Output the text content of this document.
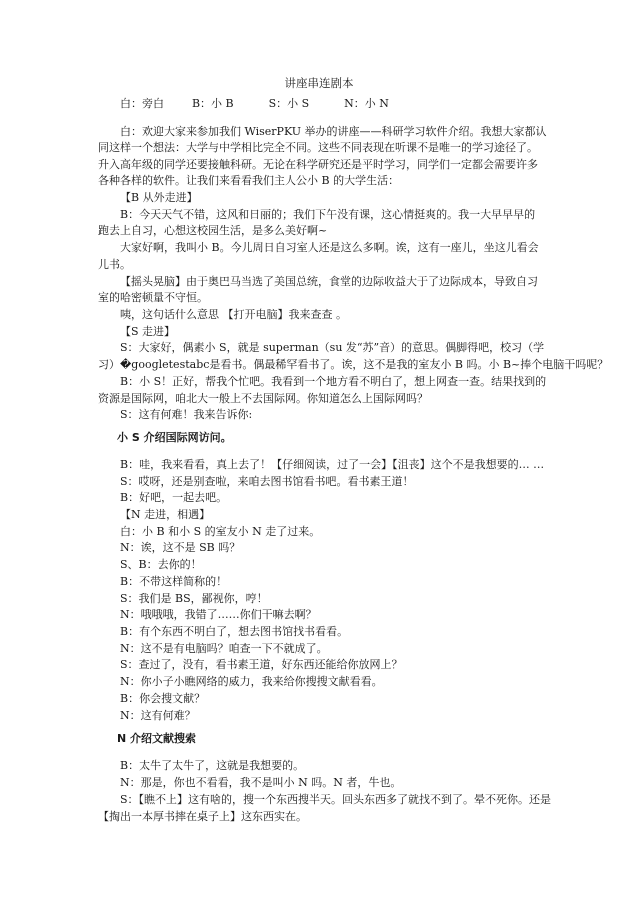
讲座串连剧本
白：旁白        B：小 B          S：小 S          N：小 N
白：欢迎大家来参加我们 WiserPKU 举办的讲座——科研学习软件介绍。我想大家都认
同这样一个想法：大学与中学相比完全不同。这些不同表现在听课不是唯一的学习途径了。
升入高年级的同学还要接触科研。无论在科学研究还是平时学习，同学们一定都会需要许多
各种各样的软件。让我们来看看我们主人公小 B 的大学生活：
【B 从外走进】
B：今天天气不错，这风和日丽的；我们下午没有课，这心情挺爽的。我一大早早早的
跑去上自习，心想这校园生活，是多么美好啊~
大家好啊，我叫小 B。今儿周日自习室人还是这么多啊。诶，这有一座儿，坐这儿看会
儿书。
【摇头晃脑】由于奥巴马当选了美国总统，食堂的边际收益大于了边际成本，导致自习
室的哈密顿量不守恒。
咦，这句话什么意思 【打开电脑】我来查查 。
【S 走进】
S：大家好，偶素小 S，就是 superman（su 发“苏”音）的意思。偶脚得吧，校习（学
习）�googletestabc是看书。偶最稀罕看书了。诶，这不是我的室友小 B 吗。小 B~捧个电脑干吗呢？
B：小 S！正好，帮我个忙吧。我看到一个地方看不明白了，想上网查一查。结果找到的
资源是国际网，咱北大一般上不去国际网。你知道怎么上国际网吗？
S：这有何难！我来告诉你:
小 S 介绍国际网访问。
B：哇，我来看看，真上去了！【仔细阅读，过了一会】【沮丧】这个不是我想要的… …
S：哎呀，还是别查啦，来咱去图书馆看书吧。看书素王道！
B：好吧，一起去吧。
【N 走进，相遇】
白：小 B 和小 S 的室友小 N 走了过来。
N：诶，这不是 SB 吗？
S、B：去你的！
B：不带这样简称的！
S：我们是 BS，鄙视你，哼！
N：哦哦哦，我错了……你们干嘛去啊？
B：有个东西不明白了，想去图书馆找书看看。
N：这不是有电脑吗？咱查一下不就成了。
S：查过了，没有，看书素王道，好东西还能给你放网上？
N：你小子小瞧网络的威力，我来给你搜搜文献看看。
B：你会搜文献？
N：这有何难？
N 介绍文献搜索
B：太牛了太牛了，这就是我想要的。
N：那是，你也不看看，我不是叫小 N 吗。N 者，牛也。
S：【瞧不上】这有啥的，搜一个东西搜半天。回头东西多了就找不到了。晕不死你。还是
【掏出一本厚书摔在桌子上】这东西实在。
